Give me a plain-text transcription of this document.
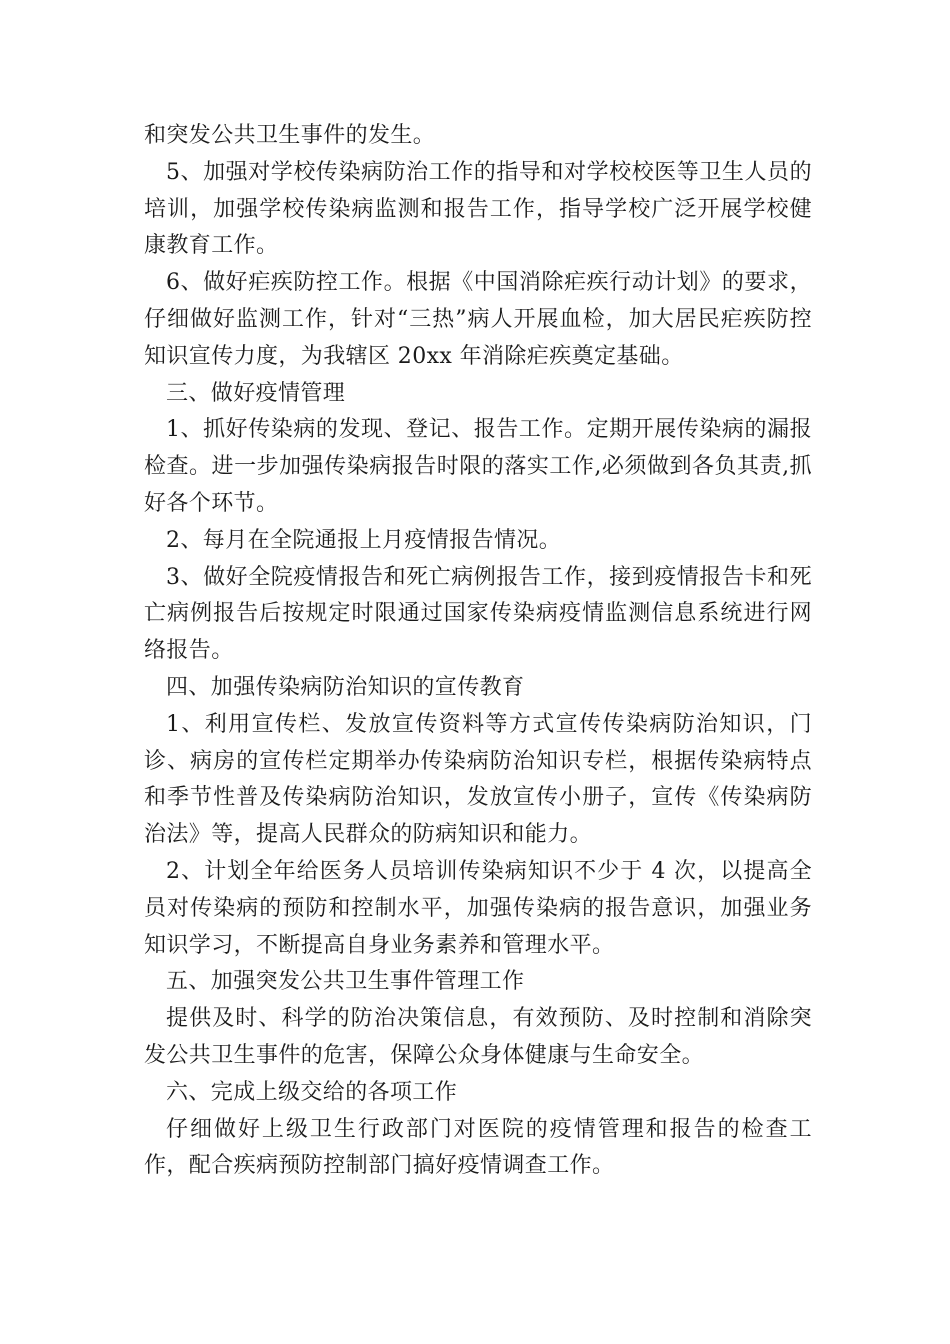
和突发公共卫生事件的发生。

5、加强对学校传染病防治工作的指导和对学校校医等卫生人员的培训，加强学校传染病监测和报告工作，指导学校广泛开展学校健康教育工作。

6、做好疟疾防控工作。根据《中国消除疟疾行动计划》的要求，仔细做好监测工作，针对“三热”病人开展血检，加大居民疟疾防控知识宣传力度，为我辖区 20xx 年消除疟疾奠定基础。

三、做好疫情管理

1、抓好传染病的发现、登记、报告工作。定期开展传染病的漏报检查。进一步加强传染病报告时限的落实工作,必须做到各负其责,抓好各个环节。

2、每月在全院通报上月疫情报告情况。

3、做好全院疫情报告和死亡病例报告工作，接到疫情报告卡和死亡病例报告后按规定时限通过国家传染病疫情监测信息系统进行网络报告。

四、加强传染病防治知识的宣传教育

1、利用宣传栏、发放宣传资料等方式宣传传染病防治知识，门诊、病房的宣传栏定期举办传染病防治知识专栏，根据传染病特点和季节性普及传染病防治知识，发放宣传小册子，宣传《传染病防治法》等，提高人民群众的防病知识和能力。

2、计划全年给医务人员培训传染病知识不少于 4 次，以提高全员对传染病的预防和控制水平，加强传染病的报告意识，加强业务知识学习，不断提高自身业务素养和管理水平。

五、加强突发公共卫生事件管理工作

提供及时、科学的防治决策信息，有效预防、及时控制和消除突发公共卫生事件的危害，保障公众身体健康与生命安全。

六、完成上级交给的各项工作

仔细做好上级卫生行政部门对医院的疫情管理和报告的检查工作，配合疾病预防控制部门搞好疫情调查工作。
